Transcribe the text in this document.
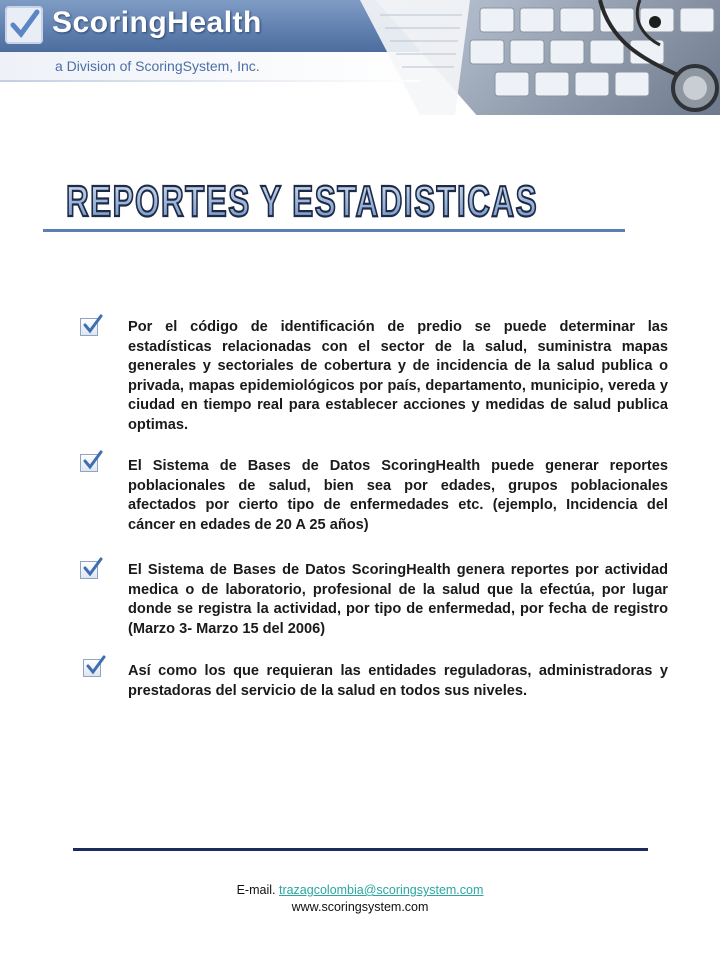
ScoringHealth
a Division of ScoringSystem, Inc.
REPORTES Y ESTADISTICAS
Por el código de identificación de predio se puede determinar las estadísticas relacionadas con el sector de la salud, suministra mapas generales y sectoriales de cobertura y de incidencia de la salud publica o privada, mapas epidemiológicos por país, departamento, municipio, vereda y ciudad en tiempo real para establecer acciones y medidas de salud publica optimas.
El Sistema de Bases de Datos ScoringHealth puede generar reportes poblacionales de salud, bien sea por edades, grupos poblacionales afectados por cierto tipo de enfermedades etc. (ejemplo, Incidencia del cáncer en edades de 20 A 25 años)
El Sistema de Bases de Datos ScoringHealth genera reportes por actividad medica o de laboratorio, profesional de la salud que la efectúa, por lugar donde se registra la actividad, por tipo de enfermedad, por fecha de registro (Marzo 3- Marzo 15 del 2006)
Así como los que requieran las entidades reguladoras, administradoras y prestadoras del servicio de la salud en todos sus niveles.
E-mail. trazagcolombia@scoringsystem.com
www.scoringsystem.com
